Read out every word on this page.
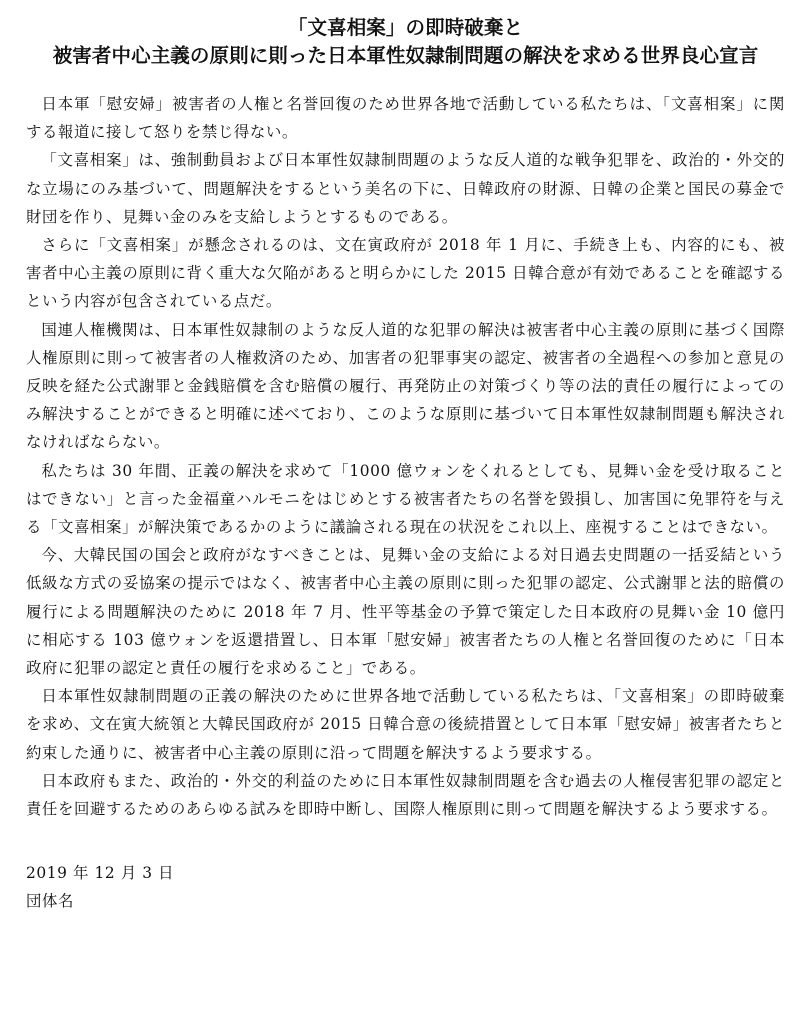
「文喜相案」の即時破棄と
被害者中心主義の原則に則った日本軍性奴隷制問題の解決を求める世界良心宣言

日本軍「慰安婦」被害者の人権と名誉回復のため世界各地で活動している私たちは、「文喜相案」に関する報道に接して怒りを禁じ得ない。

「文喜相案」は、強制動員および日本軍性奴隷制問題のような反人道的な戦争犯罪を、政治的・外交的な立場にのみ基づいて、問題解決をするという美名の下に、日韓政府の財源、日韓の企業と国民の募金で財団を作り、見舞い金のみを支給しようとするものである。

さらに「文喜相案」が懸念されるのは、文在寅政府が 2018 年 1 月に、手続き上も、内容的にも、被害者中心主義の原則に背く重大な欠陥があると明らかにした 2015 日韓合意が有効であることを確認するという内容が包含されている点だ。

国連人権機関は、日本軍性奴隷制のような反人道的な犯罪の解決は被害者中心主義の原則に基づく国際人権原則に則って被害者の人権救済のため、加害者の犯罪事実の認定、被害者の全過程への参加と意見の反映を経た公式謝罪と金銭賠償を含む賠償の履行、再発防止の対策づくり等の法的責任の履行によってのみ解決することができると明確に述べており、このような原則に基づいて日本軍性奴隷制問題も解決されなければならない。

私たちは 30 年間、正義の解決を求めて「1000 億ウォンをくれるとしても、見舞い金を受け取ることはできない」と言った金福童ハルモニをはじめとする被害者たちの名誉を毀損し、加害国に免罪符を与える「文喜相案」が解決策であるかのように議論される現在の状況をこれ以上、座視することはできない。

今、大韓民国の国会と政府がなすべきことは、見舞い金の支給による対日過去史問題の一括妥結という低級な方式の妥協案の提示ではなく、被害者中心主義の原則に則った犯罪の認定、公式謝罪と法的賠償の履行による問題解決のために 2018 年 7 月、性平等基金の予算で策定した日本政府の見舞い金 10 億円に相応する 103 億ウォンを返還措置し、日本軍「慰安婦」被害者たちの人権と名誉回復のために「日本政府に犯罪の認定と責任の履行を求めること」である。

日本軍性奴隷制問題の正義の解決のために世界各地で活動している私たちは、「文喜相案」の即時破棄を求め、文在寅大統領と大韓民国政府が 2015 日韓合意の後続措置として日本軍「慰安婦」被害者たちと約束した通りに、被害者中心主義の原則に沿って問題を解決するよう要求する。

日本政府もまた、政治的・外交的利益のために日本軍性奴隷制問題を含む過去の人権侵害犯罪の認定と責任を回避するためのあらゆる試みを即時中断し、国際人権原則に則って問題を解決するよう要求する。

2019 年 12 月 3 日
団体名
